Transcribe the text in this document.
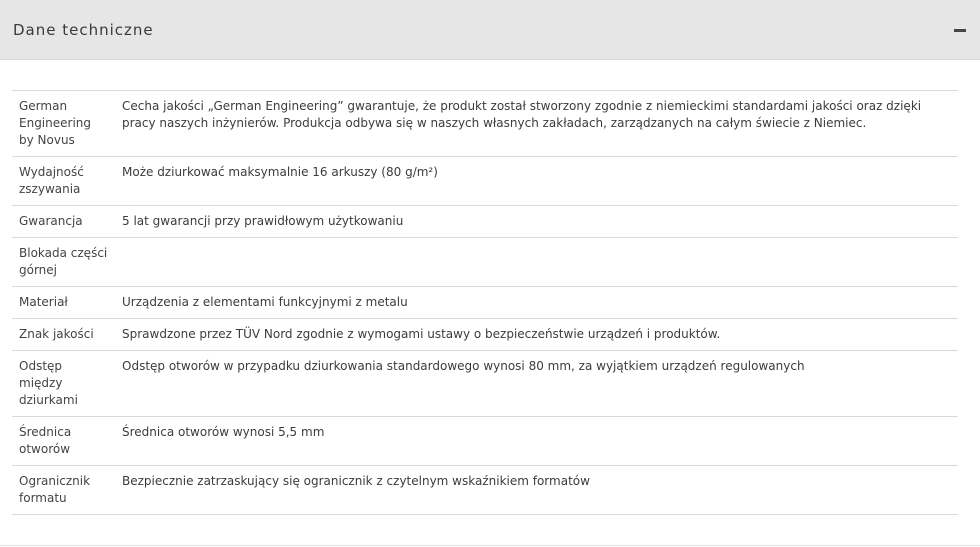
Dane techniczne
German Engineering by Novus	Cecha jakości „German Engineering” gwarantuje, że produkt został stworzony zgodnie z niemieckimi standardami jakości oraz dzięki pracy naszych inżynierów. Produkcja odbywa się w naszych własnych zakładach, zarządzanych na całym świecie z Niemiec.
Wydajność zszywania	Może dziurkować maksymalnie 16 arkuszy (80 g/m²)
Gwarancja	5 lat gwarancji przy prawidłowym użytkowaniu
Blokada części górnej	
Materiał	Urządzenia z elementami funkcyjnymi z metalu
Znak jakości	Sprawdzone przez TÜV Nord zgodnie z wymogami ustawy o bezpieczeństwie urządzeń i produktów.
Odstęp między dziurkami	Odstęp otworów w przypadku dziurkowania standardowego wynosi 80 mm, za wyjątkiem urządzeń regulowanych
Średnica otworów	Średnica otworów wynosi 5,5 mm
Ogranicznik formatu	Bezpiecznie zatrzaskujący się ogranicznik z czytelnym wskaźnikiem formatów
